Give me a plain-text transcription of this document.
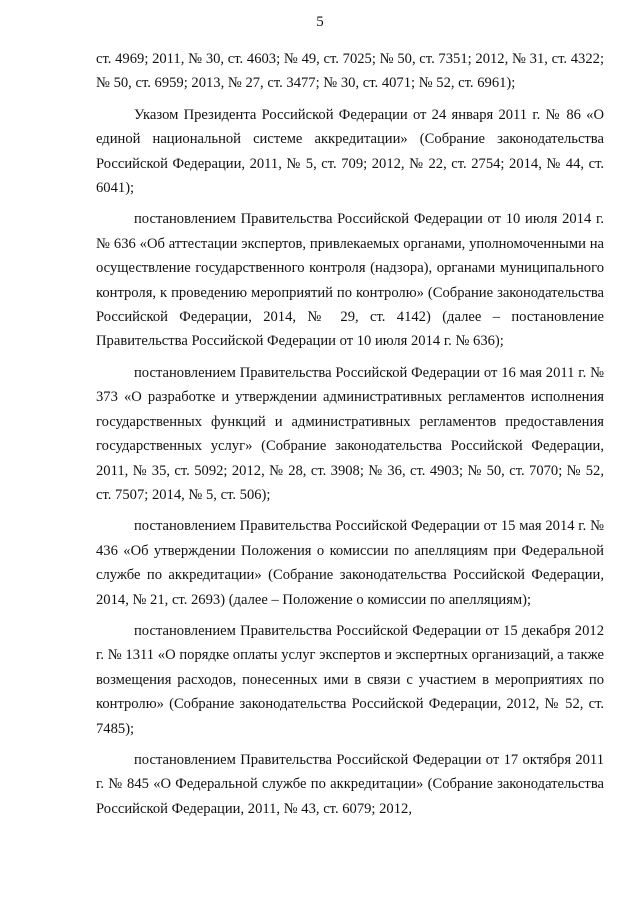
5

ст. 4969; 2011, № 30, ст. 4603; № 49, ст. 7025; № 50, ст. 7351; 2012, № 31, ст. 4322; № 50, ст. 6959; 2013, № 27, ст. 3477; № 30, ст. 4071; № 52, ст. 6961);

Указом Президента Российской Федерации от 24 января 2011 г. № 86 «О единой национальной системе аккредитации» (Собрание законодательства Российской Федерации, 2011, № 5, ст. 709; 2012, № 22, ст. 2754; 2014, № 44, ст. 6041);

постановлением Правительства Российской Федерации от 10 июля 2014 г. № 636 «Об аттестации экспертов, привлекаемых органами, уполномоченными на осуществление государственного контроля (надзора), органами муниципального контроля, к проведению мероприятий по контролю» (Собрание законодательства Российской Федерации, 2014, № 29, ст. 4142) (далее – постановление Правительства Российской Федерации от 10 июля 2014 г. № 636);

постановлением Правительства Российской Федерации от 16 мая 2011 г. № 373 «О разработке и утверждении административных регламентов исполнения государственных функций и административных регламентов предоставления государственных услуг» (Собрание законодательства Российской Федерации, 2011, № 35, ст. 5092; 2012, № 28, ст. 3908; № 36, ст. 4903; № 50, ст. 7070; № 52, ст. 7507; 2014, № 5, ст. 506);

постановлением Правительства Российской Федерации от 15 мая 2014 г. № 436 «Об утверждении Положения о комиссии по апелляциям при Федеральной службе по аккредитации» (Собрание законодательства Российской Федерации, 2014, № 21, ст. 2693) (далее – Положение о комиссии по апелляциям);

постановлением Правительства Российской Федерации от 15 декабря 2012 г. № 1311 «О порядке оплаты услуг экспертов и экспертных организаций, а также возмещения расходов, понесенных ими в связи с участием в мероприятиях по контролю» (Собрание законодательства Российской Федерации, 2012, № 52, ст. 7485);

постановлением Правительства Российской Федерации от 17 октября 2011 г. № 845 «О Федеральной службе по аккредитации» (Собрание законодательства Российской Федерации, 2011, № 43, ст. 6079; 2012,
